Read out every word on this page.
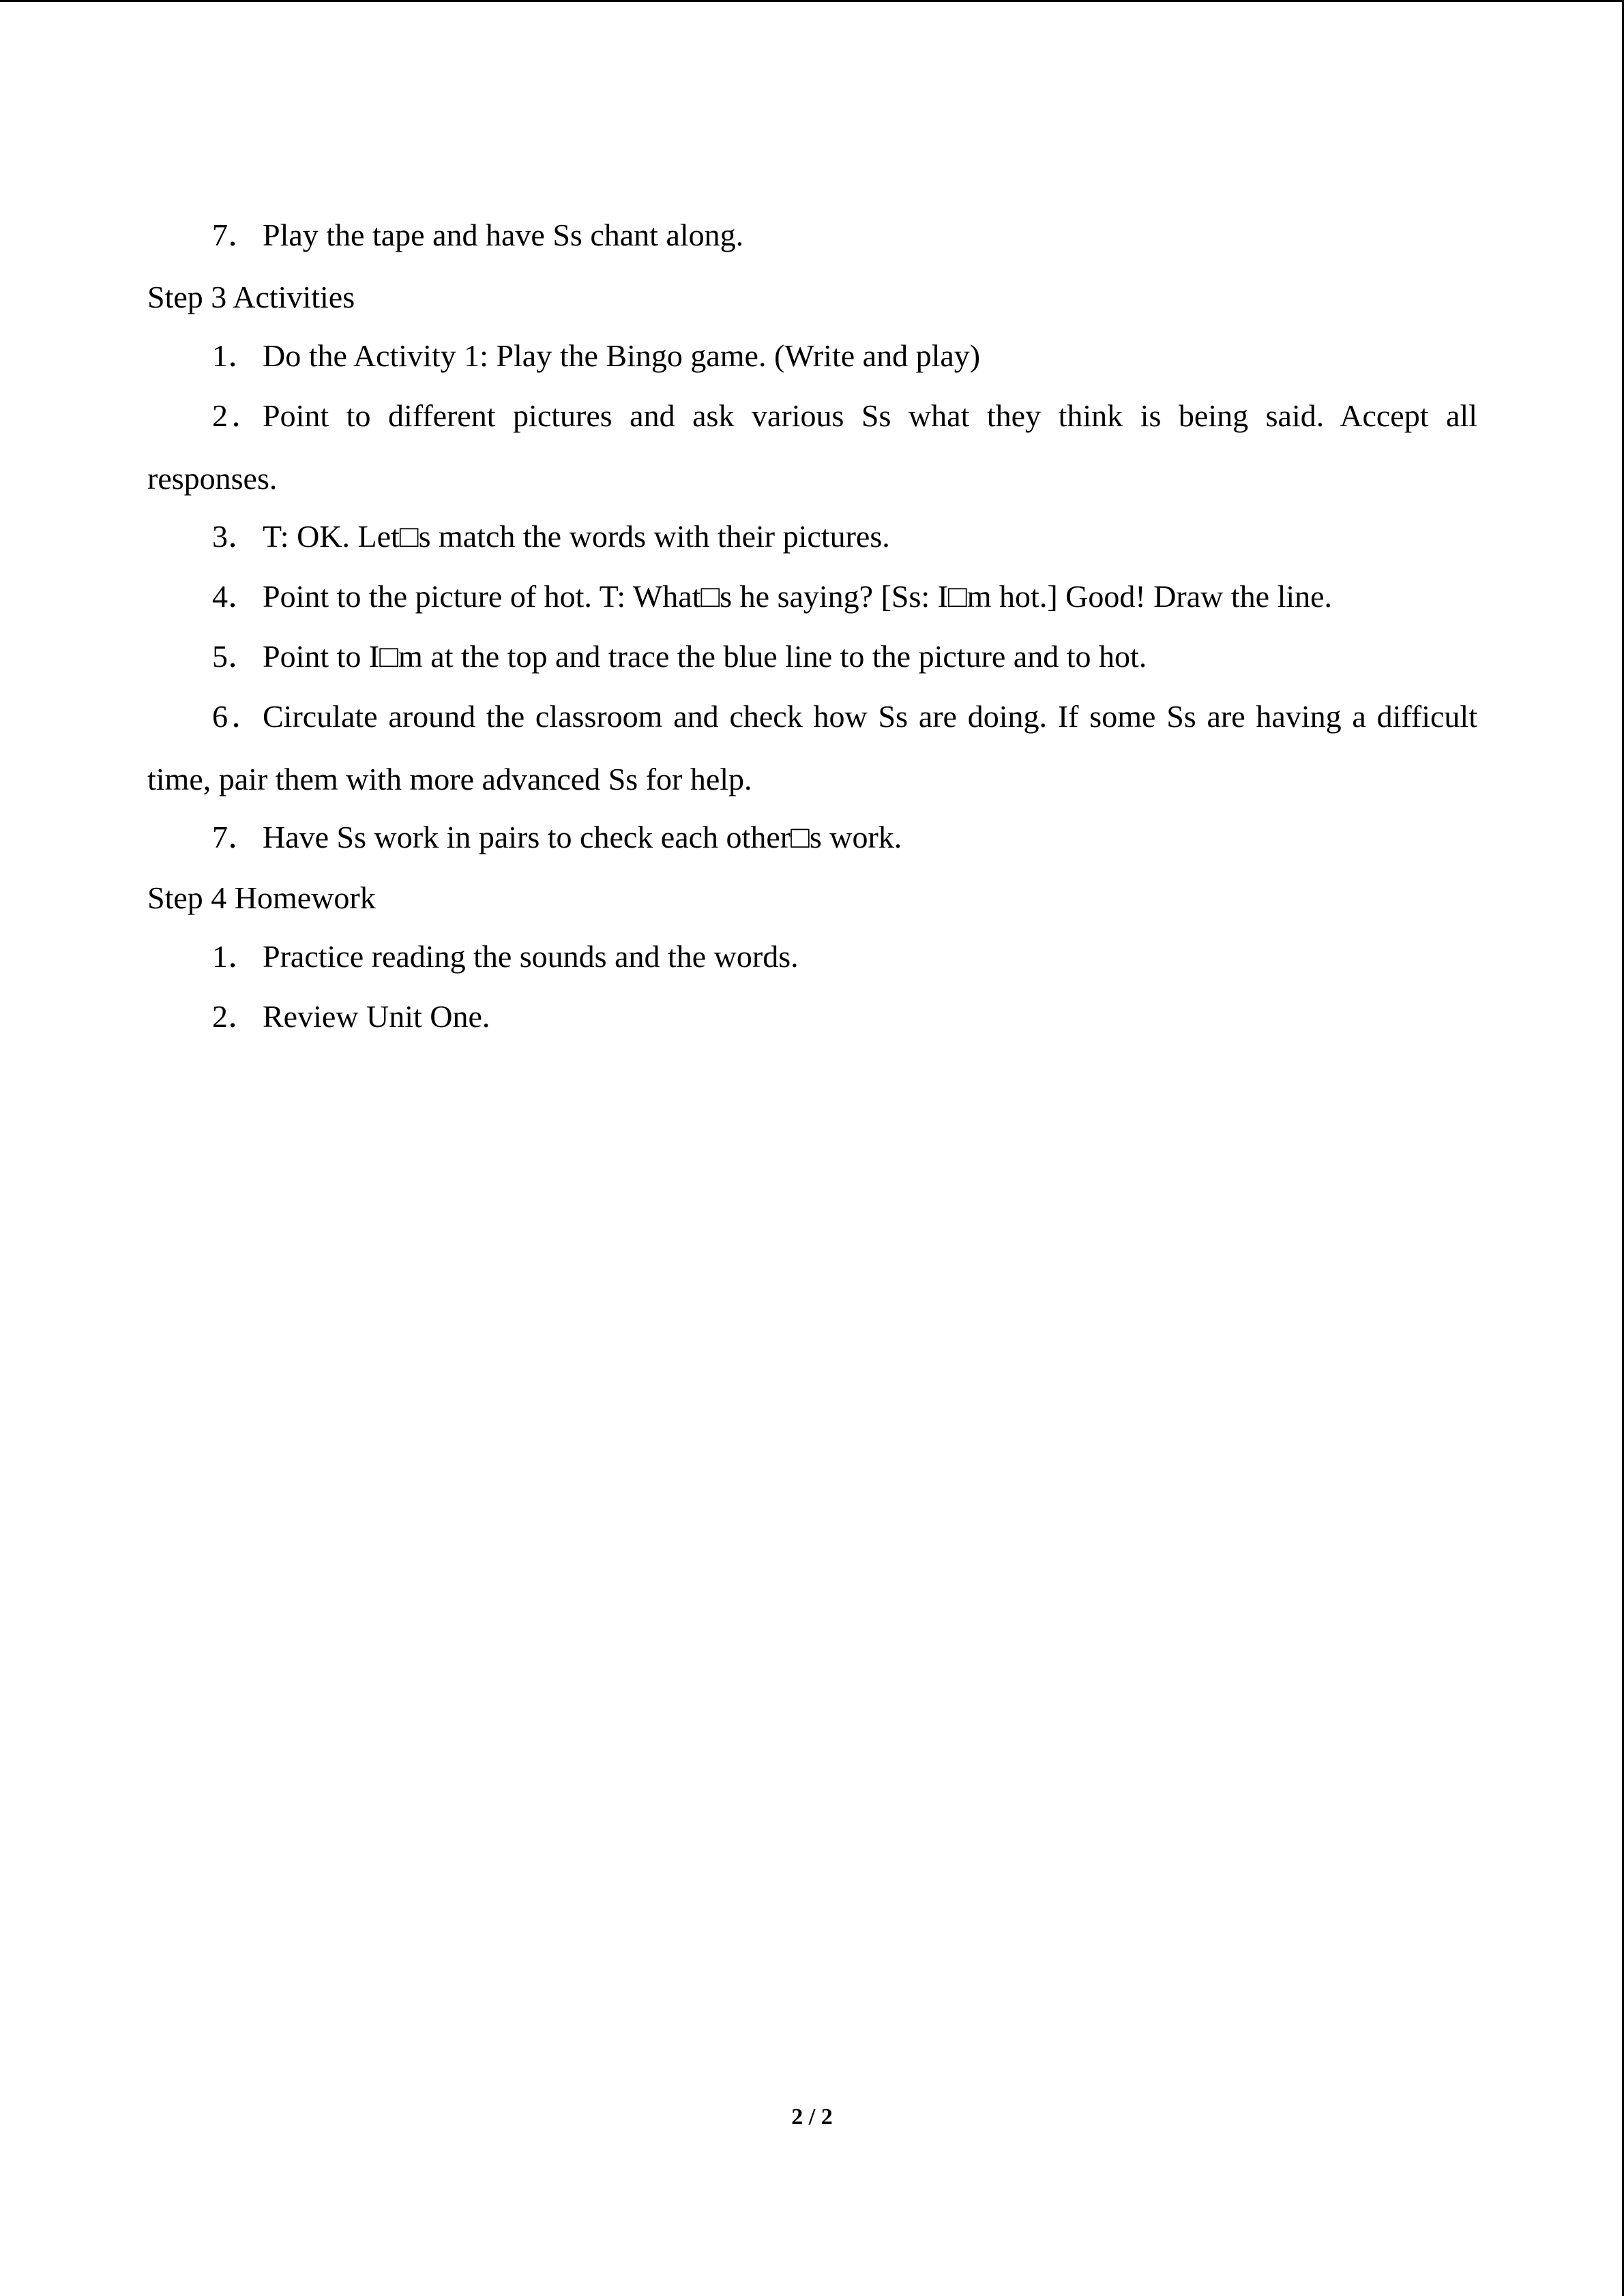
7． Play the tape and have Ss chant along.
Step 3 Activities
1． Do the Activity 1: Play the Bingo game. (Write and play)
2．Point to different pictures and ask various Ss what they think is being said. Accept all
responses.
3． T: OK. Let□s match the words with their pictures.
4． Point to the picture of hot. T: What□s he saying? [Ss: I□m hot.] Good! Draw the line.
5． Point to I□m at the top and trace the blue line to the picture and to hot.
6．Circulate around the classroom and check how Ss are doing. If some Ss are having a difficult
time, pair them with more advanced Ss for help.
7． Have Ss work in pairs to check each other□s work.
Step 4 Homework
1． Practice reading the sounds and the words.
2． Review Unit One.
2 / 2
